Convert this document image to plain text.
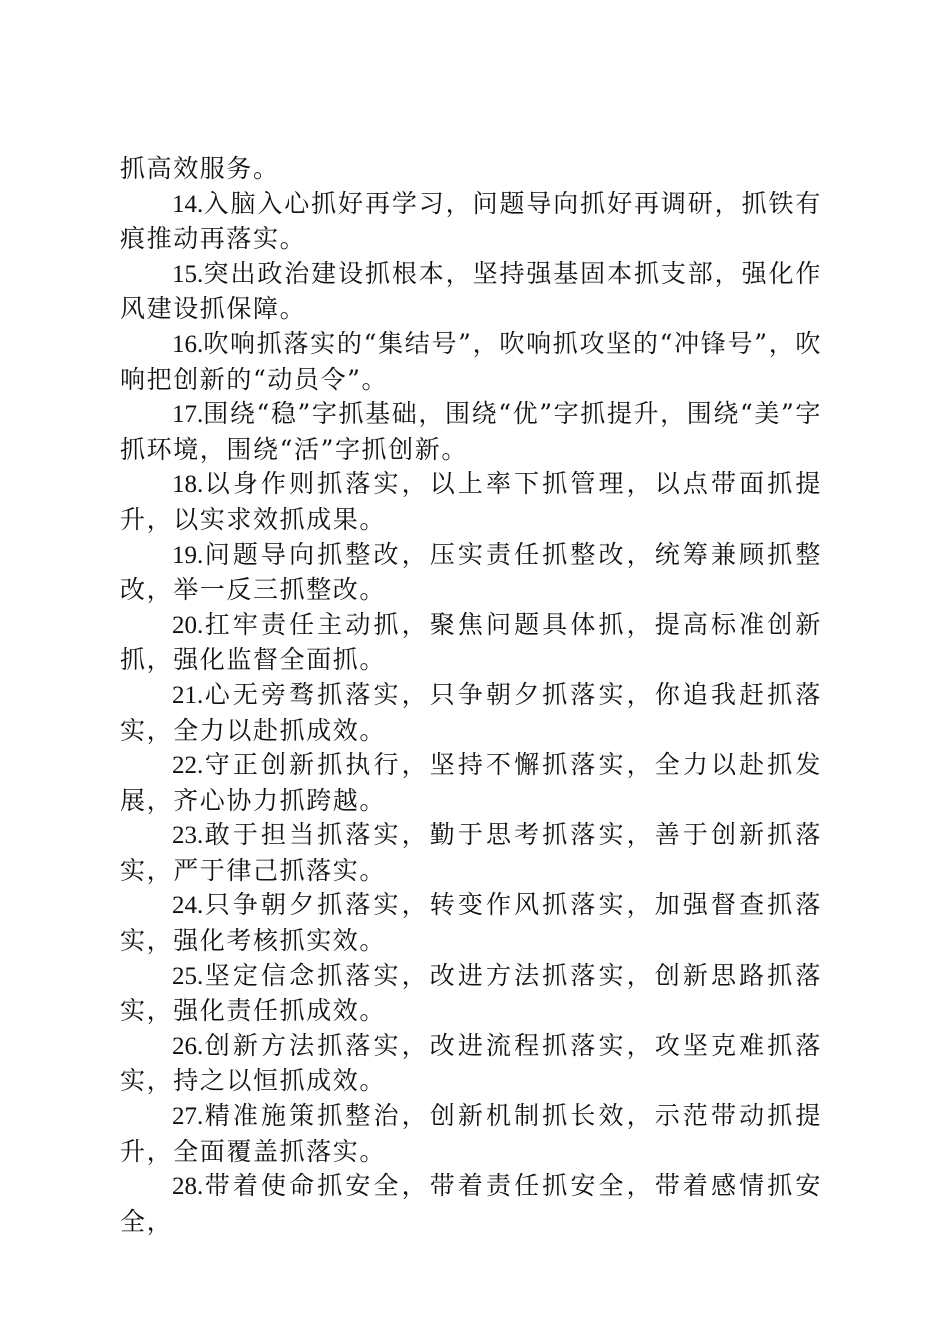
抓高效服务。

14.入脑入心抓好再学习，问题导向抓好再调研，抓铁有痕推动再落实。

15.突出政治建设抓根本，坚持强基固本抓支部，强化作风建设抓保障。

16.吹响抓落实的“集结号”，吹响抓攻坚的“冲锋号”，吹响把创新的“动员令”。

17.围绕“稳”字抓基础，围绕“优”字抓提升，围绕“美”字抓环境，围绕“活”字抓创新。

18.以身作则抓落实，以上率下抓管理，以点带面抓提升，以实求效抓成果。

19.问题导向抓整改，压实责任抓整改，统筹兼顾抓整改，举一反三抓整改。

20.扛牢责任主动抓，聚焦问题具体抓，提高标准创新抓，强化监督全面抓。

21.心无旁骛抓落实，只争朝夕抓落实，你追我赶抓落实，全力以赴抓成效。

22.守正创新抓执行，坚持不懈抓落实，全力以赴抓发展，齐心协力抓跨越。

23.敢于担当抓落实，勤于思考抓落实，善于创新抓落实，严于律己抓落实。

24.只争朝夕抓落实，转变作风抓落实，加强督查抓落实，强化考核抓实效。

25.坚定信念抓落实，改进方法抓落实，创新思路抓落实，强化责任抓成效。

26.创新方法抓落实，改进流程抓落实，攻坚克难抓落实，持之以恒抓成效。

27.精准施策抓整治，创新机制抓长效，示范带动抓提升，全面覆盖抓落实。

28.带着使命抓安全，带着责任抓安全，带着感情抓安全，
